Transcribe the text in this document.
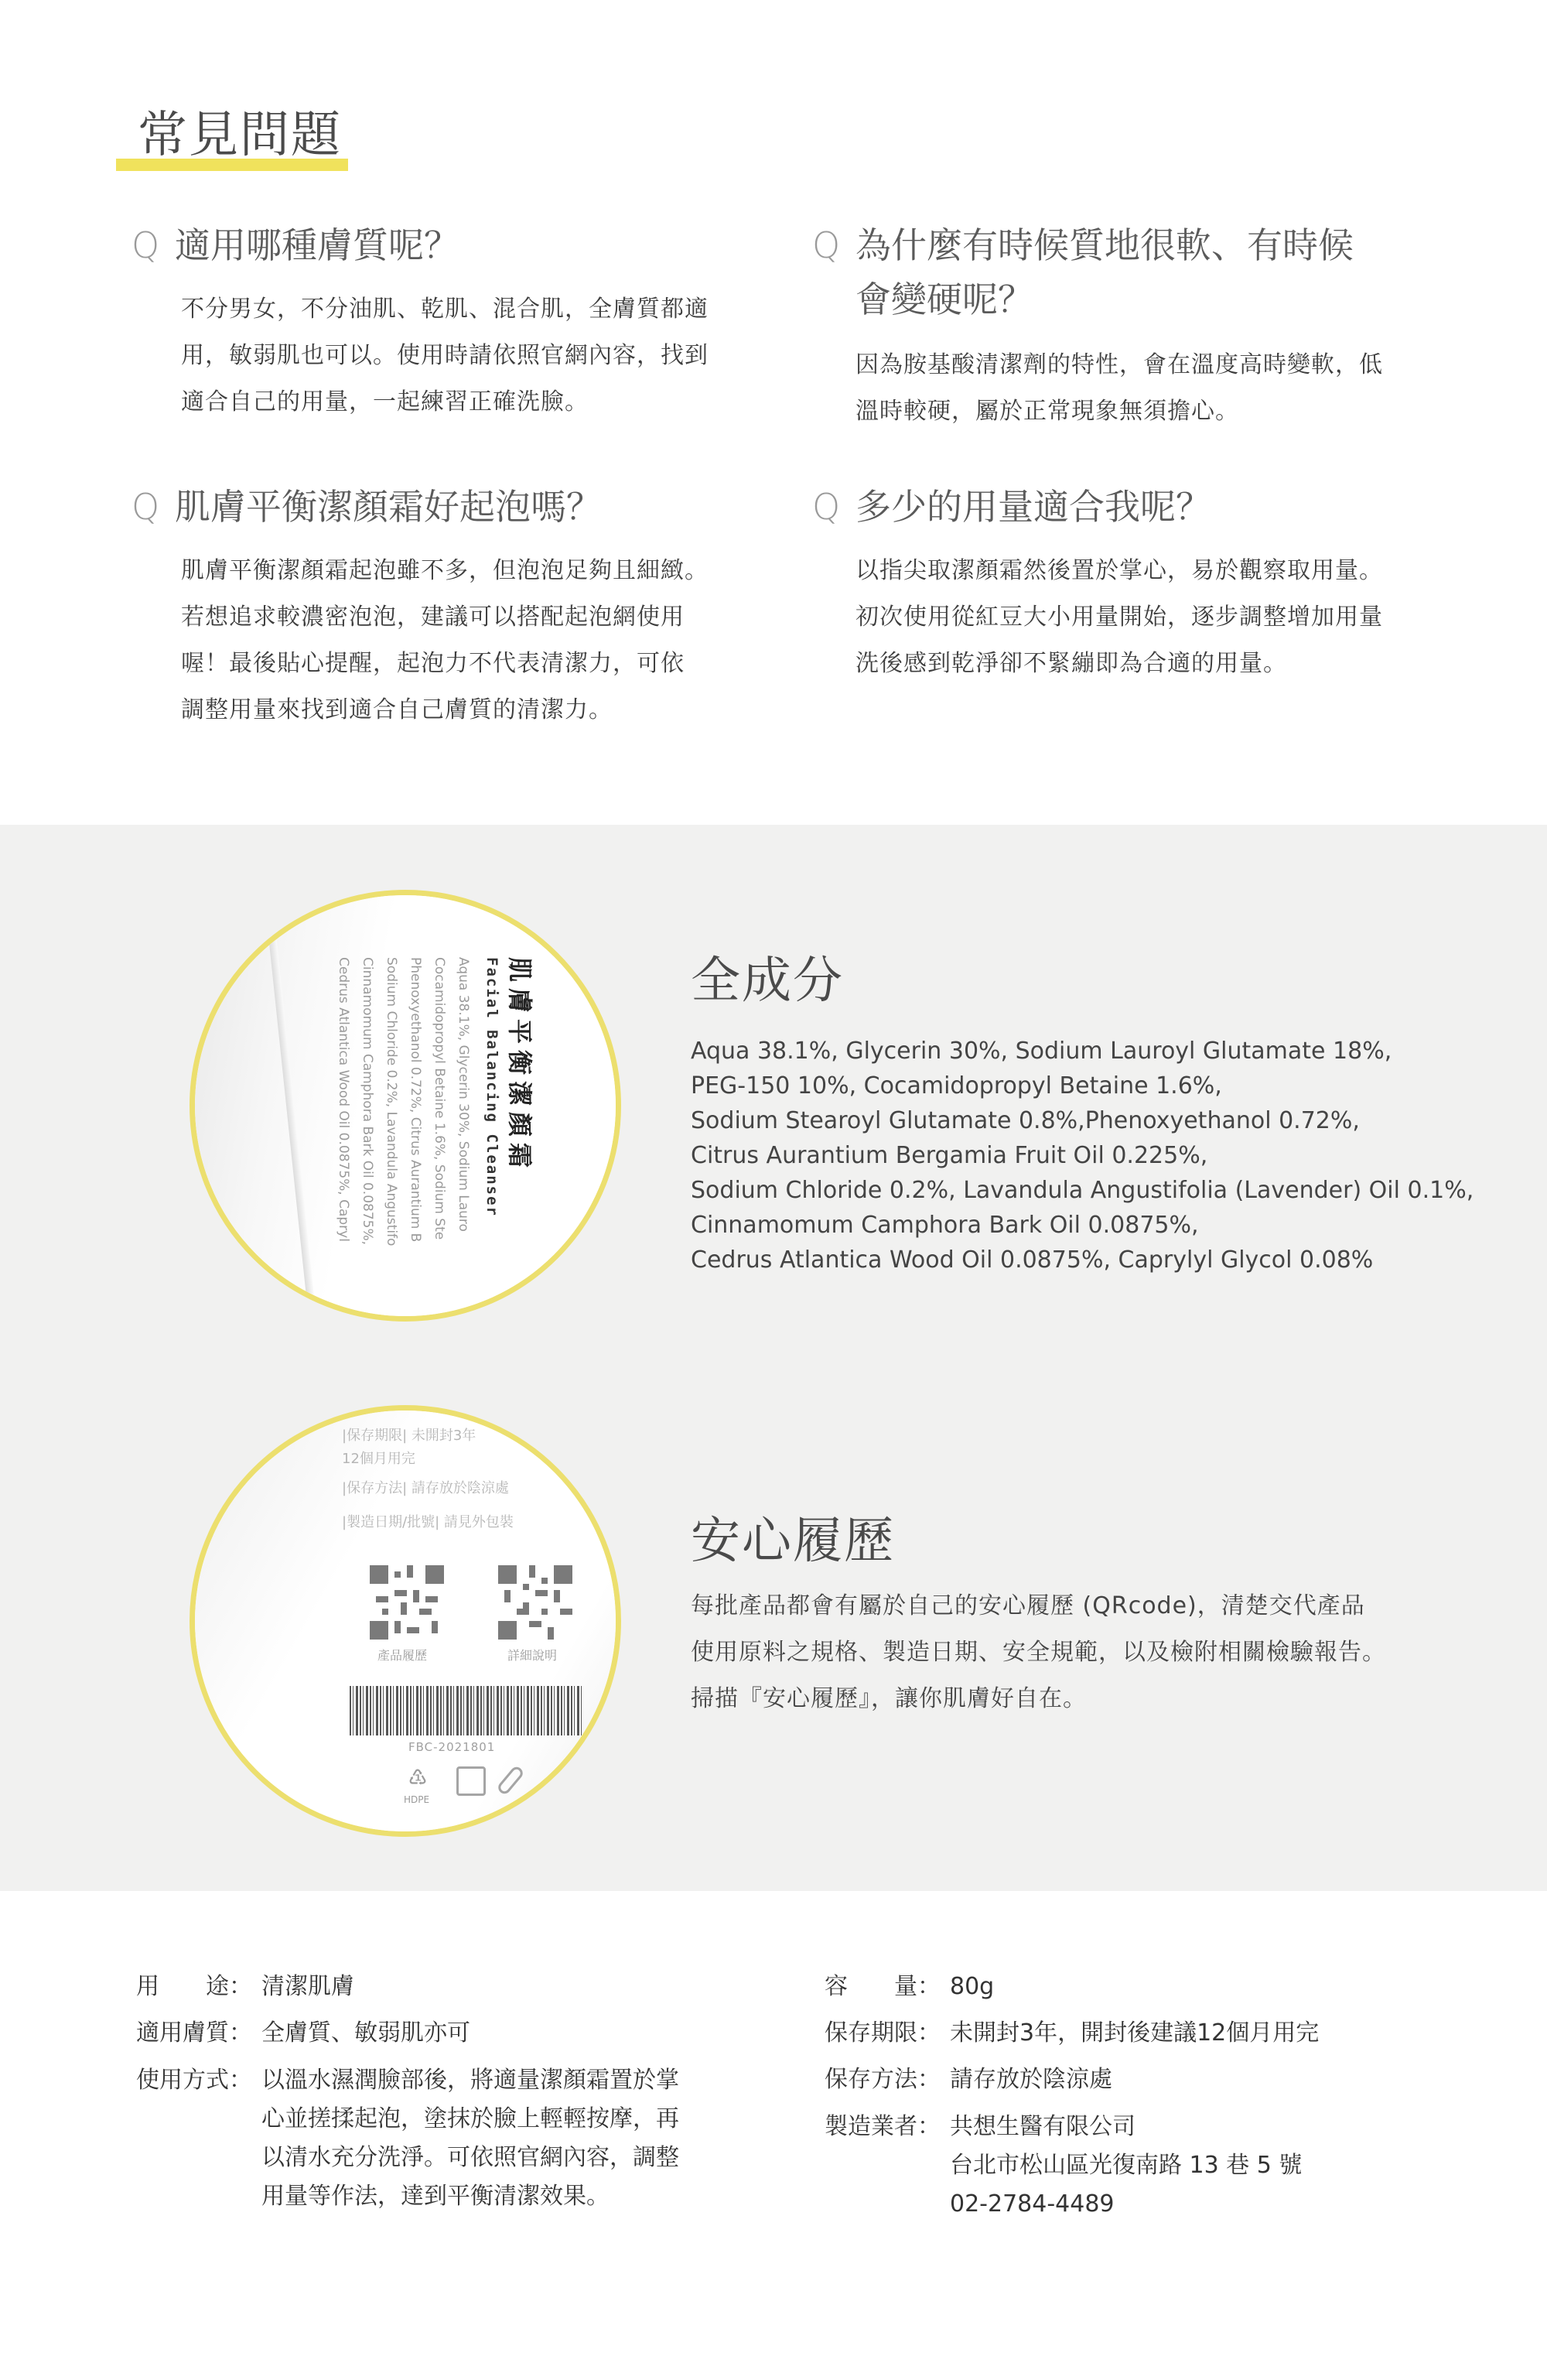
常見問題
Q 適用哪種膚質呢？
不分男女，不分油肌、乾肌、混合肌，全膚質都適
用，敏弱肌也可以。使用時請依照官網內容，找到
適合自己的用量，一起練習正確洗臉。
Q 為什麼有時候質地很軟、有時候
會變硬呢？
因為胺基酸清潔劑的特性，會在溫度高時變軟，低
溫時較硬，屬於正常現象無須擔心。
Q 肌膚平衡潔顏霜好起泡嗎？
肌膚平衡潔顏霜起泡雖不多，但泡泡足夠且細緻。
若想追求較濃密泡泡，建議可以搭配起泡網使用
喔！最後貼心提醒，起泡力不代表清潔力，可依
調整用量來找到適合自己膚質的清潔力。
Q 多少的用量適合我呢？
以指尖取潔顏霜然後置於掌心，易於觀察取用量。
初次使用從紅豆大小用量開始，逐步調整增加用量
洗後感到乾淨卻不緊繃即為合適的用量。
肌膚平衡潔顏霜
Facial Balancing Cleanser
Aqua 38.1%, Glycerin 30%, Sodium Lauro
Cocamidopropyl Betaine 1.6%, Sodium Ste
Phenoxyethanol 0.72%, Citrus Aurantium B
Sodium Chloride 0.2%, Lavandula Angustifo
Cinnamomum Camphora Bark Oil 0.0875%,
Cedrus Atlantica Wood Oil 0.0875%, Capryl	全成分
Aqua 38.1%, Glycerin 30%, Sodium Lauroyl Glutamate 18%,
PEG-150 10%, Cocamidopropyl Betaine 1.6%,
Sodium Stearoyl Glutamate 0.8%,Phenoxyethanol 0.72%,
Citrus Aurantium Bergamia Fruit Oil 0.225%,
Sodium Chloride 0.2%, Lavandula Angustifolia (Lavender) Oil 0.1%,
Cinnamomum Camphora Bark Oil 0.0875%,
Cedrus Atlantica Wood Oil 0.0875%, Caprylyl Glycol 0.08%
|保存期限| 未開封3年
12個月用完
|保存方法| 請存放於陰涼處
|製造日期/批號| 請見外包裝
產品履歷	詳細說明
FBC-2021801
♳
HDPE
安心履歷
每批產品都會有屬於自己的安心履歷 (QRcode)，清楚交代產品
使用原料之規格、製造日期、安全規範，以及檢附相關檢驗報告。
掃描『安心履歷』，讓你肌膚好自在。
用　　途： 清潔肌膚
適用膚質： 全膚質、敏弱肌亦可
使用方式： 以溫水濕潤臉部後，將適量潔顏霜置於掌
心並搓揉起泡，塗抹於臉上輕輕按摩，再
以清水充分洗淨。可依照官網內容，調整
用量等作法，達到平衡清潔效果。
容　　量： 80g
保存期限： 未開封3年，開封後建議12個月用完
保存方法： 請存放於陰涼處
製造業者： 共想生醫有限公司
台北市松山區光復南路 13 巷 5 號
02-2784-4489
